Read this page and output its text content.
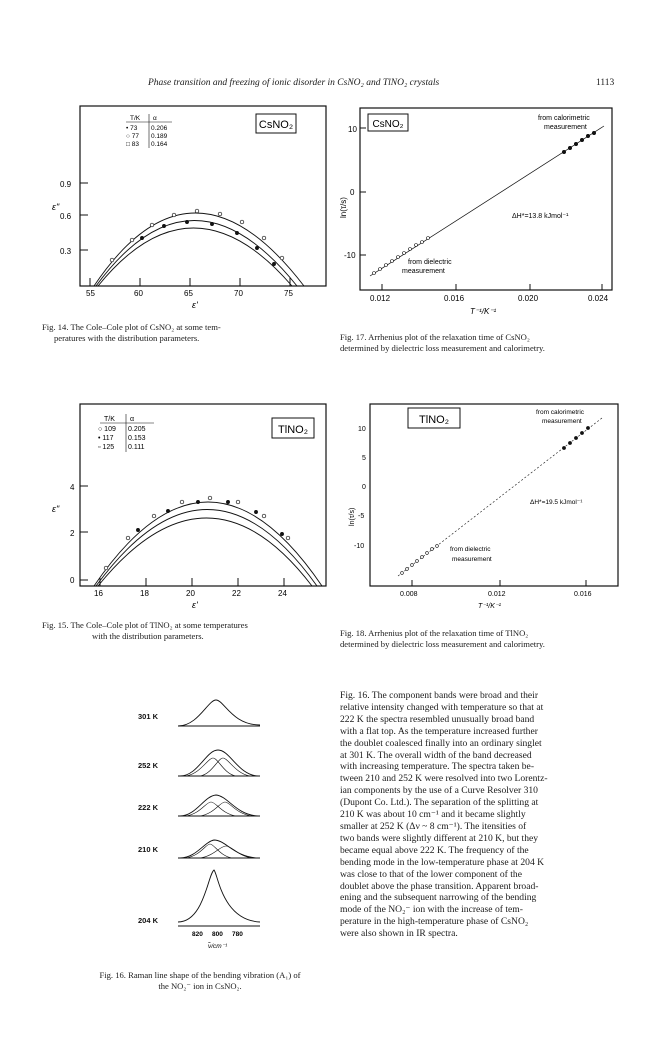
Phase transition and freezing of ionic disorder in CsNO₂ and TlNO₂ crystals	1113
CsNO₂
T/K α
• 73 0.206
○ 77 0.189
□ 83 0.164
0.9
0.6
0.3
ε"
55	60	65	70	75
ε'
Fig. 14. The Cole–Cole plot of CsNO₂ at some tem-
peratures with the distribution parameters.
CsNO₂
10
0
-10
ln(τ/s)
0.012	0.016	0.020	0.024
T⁻¹/K⁻¹
from calorimetric
measurement
ΔH*=13.8 kJmol⁻¹
from dielectric
measurement
Fig. 17. Arrhenius plot of the relaxation time of CsNO₂
determined by dielectric loss measurement and calorimetry.
TlNO₂
T/K α
○ 109 0.205
• 117 0.153
▫ 125 0.111
4
2
0
ε"
16	18	20	22	24
ε'
Fig. 15. The Cole–Cole plot of TlNO₂ at some temperatures
with the distribution parameters.
TlNO₂
10
5
0
-5
-10
ln(τ/s)
0.008	0.012	0.016
T⁻¹/K⁻¹
from calorimetric
measurement
ΔH*=19.5 kJmol⁻¹
from dielectric
measurement
Fig. 18. Arrhenius plot of the relaxation time of TlNO₂
determined by dielectric loss measurement and calorimetry.
301 K
252 K
222 K
210 K
204 K
820 800 780
ν̃/cm⁻¹
Fig. 16. Raman line shape of the bending vibration (A₁) of
the NO₂⁻ ion in CsNO₂.
Fig. 16. The component bands were broad and their
relative intensity changed with temperature so that at
222 K the spectra resembled unusually broad band
with a flat top. As the temperature increased further
the doublet coalesced finally into an ordinary singlet
at 301 K. The overall width of the band decreased
with increasing temperature. The spectra taken be-
tween 210 and 252 K were resolved into two Lorentz-
ian components by the use of a Curve Resolver 310
(Dupont Co. Ltd.). The separation of the splitting at
210 K was about 10 cm⁻¹ and it became slightly
smaller at 252 K (Δν ~ 8 cm⁻¹). The itensities of
two bands were slightly different at 210 K, but they
became equal above 222 K. The frequency of the
bending mode in the low-temperature phase at 204 K
was close to that of the lower component of the
doublet above the phase transition. Apparent broad-
ening and the subsequent narrowing of the bending
mode of the NO₂⁻ ion with the increase of tem-
perature in the high-temperature phase of CsNO₂
were also shown in IR spectra.
